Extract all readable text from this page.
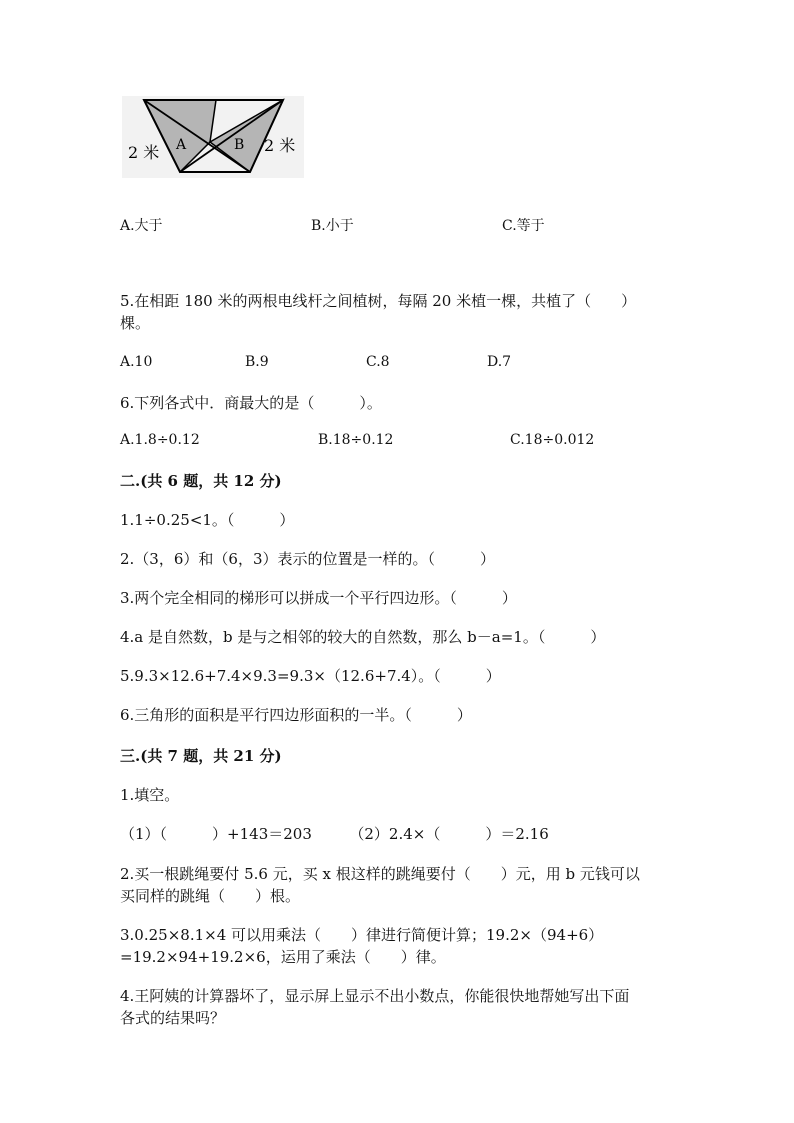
A	B
2 米	2 米
A.大于	B.小于	C.等于
5.在相距 180 米的两根电线杆之间植树，每隔 20 米植一棵，共植了（　　）
棵。
A.10	B.9	C.8	D.7
6.下列各式中．商最大的是（　　　）。
A.1.8÷0.12	B.18÷0.12	C.18÷0.012
二.(共 6 题，共 12 分)
1.1÷0.25<1。（　　　）
2.（3，6）和（6，3）表示的位置是一样的。（　　　）
3.两个完全相同的梯形可以拼成一个平行四边形。（　　　）
4.a 是自然数，b 是与之相邻的较大的自然数，那么 b－a=1。（　　　）
5.9.3×12.6+7.4×9.3=9.3×（12.6+7.4）。（　　　）
6.三角形的面积是平行四边形面积的一半。（　　　）
三.(共 7 题，共 21 分)
1.填空。
（1）（　　　）+143＝203　　　（2）2.4×（　　　）＝2.16
2.买一根跳绳要付 5.6 元，买 x 根这样的跳绳要付（　　）元，用 b 元钱可以
买同样的跳绳（　　）根。
3.0.25×8.1×4 可以用乘法（　　）律进行简便计算；19.2×（94+6）
=19.2×94+19.2×6，运用了乘法（　　）律。
4.王阿姨的计算器坏了，显示屏上显示不出小数点，你能很快地帮她写出下面
各式的结果吗？
